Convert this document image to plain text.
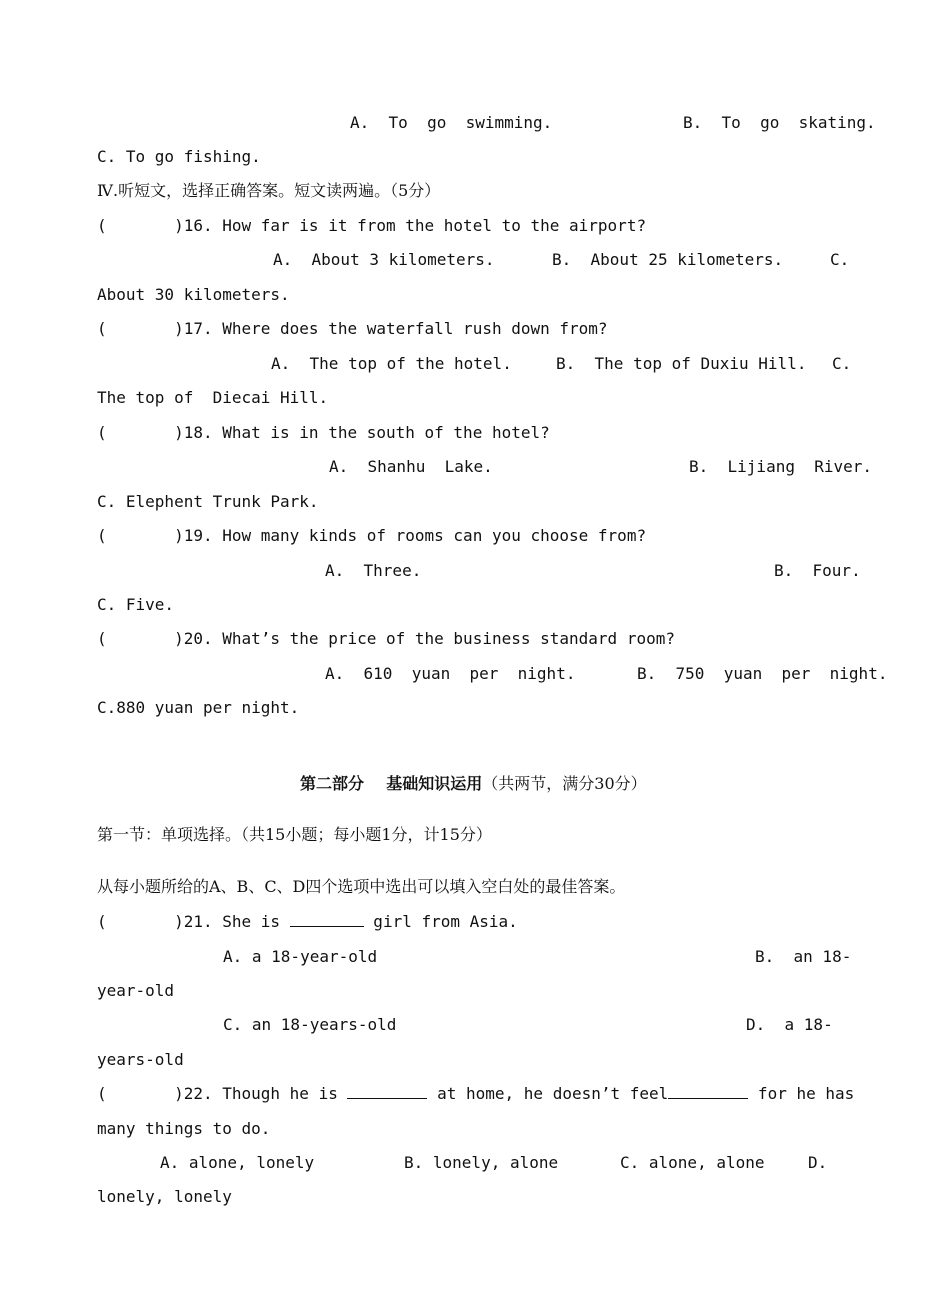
A.  To  go  swimming.	B.  To  go  skating.
C. To go fishing.
Ⅳ.听短文，选择正确答案。短文读两遍。（5分）
(       )16. How far is it from the hotel to the airport?
A.  About 3 kilometers.	B.  About 25 kilometers.	C.
About 30 kilometers.
(       )17. Where does the waterfall rush down from?
A.  The top of the hotel.	B.  The top of Duxiu Hill. C.
The top of  Diecai Hill.
(       )18. What is in the south of the hotel?
A.  Shanhu  Lake.	B.  Lijiang  River.
C. Elephent Trunk Park.
(       )19. How many kinds of rooms can you choose from?
A.  Three.	B.  Four.
C. Five.
(       )20. What’s the price of the business standard room?
A.  610  yuan  per  night.	B.  750  yuan  per  night.
C.880 yuan per night.
第二部分    基础知识运用（共两节，满分30分）
第一节：单项选择。（共15小题；每小题1分，计15分）
从每小题所给的A、B、C、D四个选项中选出可以填入空白处的最佳答案。
(       )21. She is	girl from Asia.
A. a 18-year-old	B.  an 18-
year-old
C. an 18-years-old	D.  a 18-
years-old
(       )22. Though he is	at home, he doesn’t feel	for he has
many things to do.
A. alone, lonely	B. lonely, alone	C. alone, alone	D.
lonely, lonely
